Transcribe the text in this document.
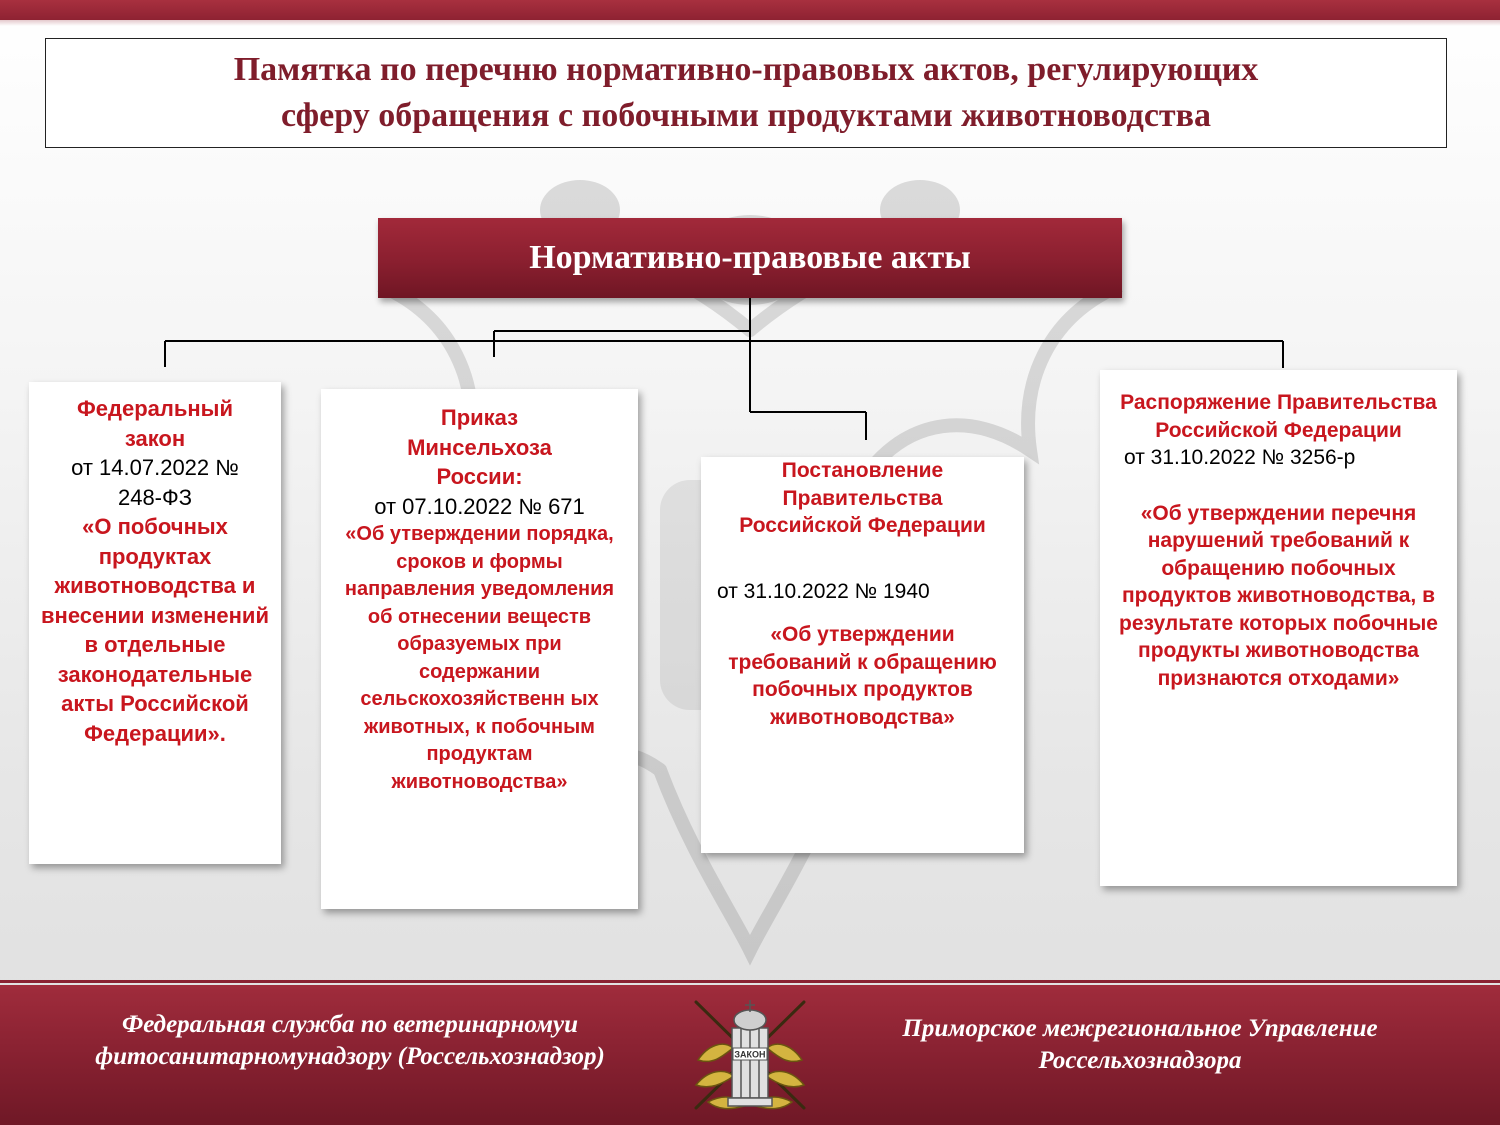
Памятка по перечню нормативно-правовых актов, регулирующих
сферу обращения с побочными продуктами животноводства
Нормативно-правовые акты
Федеральный закон
от 14.07.2022 № 248-ФЗ
«О побочных продуктах животноводства и внесении изменений в отдельные законодательные акты Российской Федерации».
Приказ Минсельхоза России:
от 07.10.2022 № 671
«Об утверждении порядка, сроков и формы направления уведомления об отнесении веществ образуемых при содержании сельскохозяйственн ых животных, к побочным продуктам животноводства»
Постановление Правительства Российской Федерации
от 31.10.2022 № 1940
«Об утверждении требований к обращению побочных продуктов животноводства»
Распоряжение Правительства Российской Федерации
от 31.10.2022 № 3256-р
«Об утверждении перечня нарушений требований к обращению побочных продуктов животноводства, в результате которых побочные продукты животноводства признаются отходами»
Федеральная служба по ветеринарномуи
фитосанитарномунадзору (Россельхознадзор)
Приморское межрегиональное Управление
Россельхознадзора
ЗАКОН
